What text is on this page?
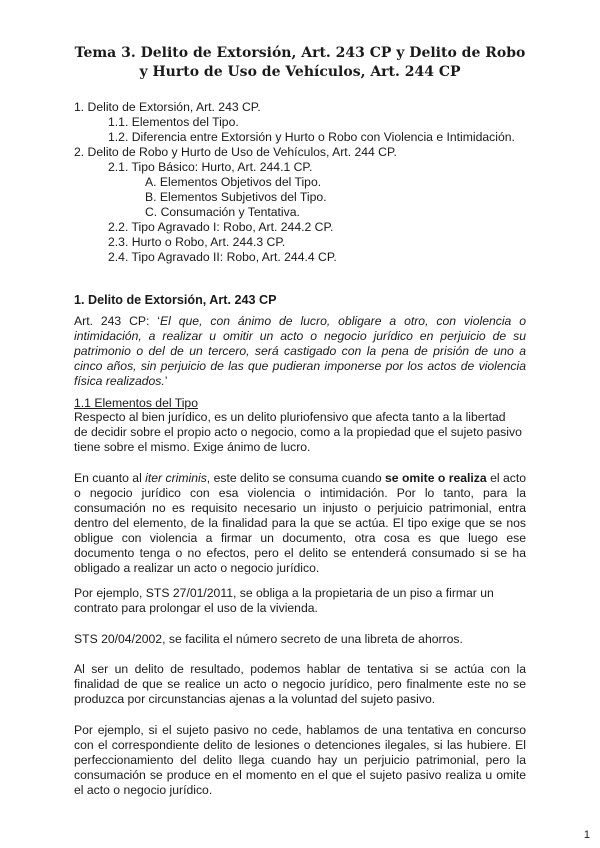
Tema 3. Delito de Extorsión, Art. 243 CP y Delito de Robo y Hurto de Uso de Vehículos, Art. 244 CP
1. Delito de Extorsión, Art. 243 CP.
1.1. Elementos del Tipo.
1.2. Diferencia entre Extorsión y Hurto o Robo con Violencia e Intimidación.
2. Delito de Robo y Hurto de Uso de Vehículos, Art. 244 CP.
2.1. Tipo Básico: Hurto, Art. 244.1 CP.
A. Elementos Objetivos del Tipo.
B. Elementos Subjetivos del Tipo.
C. Consumación y Tentativa.
2.2. Tipo Agravado I: Robo, Art. 244.2 CP.
2.3. Hurto o Robo, Art. 244.3 CP.
2.4. Tipo Agravado II: Robo, Art. 244.4 CP.
1. Delito de Extorsión, Art. 243 CP

Art. 243 CP: ‘El que, con ánimo de lucro, obligare a otro, con violencia o intimidación, a realizar u omitir un acto o negocio jurídico en perjuicio de su patrimonio o del de un tercero, será castigado con la pena de prisión de uno a cinco años, sin perjuicio de las que pudieran imponerse por los actos de violencia física realizados.’

1.1 Elementos del Tipo

Respecto al bien jurídico, es un delito pluriofensivo que afecta tanto a la libertad
de decidir sobre el propio acto o negocio, como a la propiedad que el sujeto pasivo tiene sobre el mismo. Exige ánimo de lucro.

En cuanto al iter criminis, este delito se consuma cuando se omite o realiza el acto o negocio jurídico con esa violencia o intimidación. Por lo tanto, para la consumación no es requisito necesario un injusto o perjuicio patrimonial, entra dentro del elemento, de la finalidad para la que se actúa. El tipo exige que se nos obligue con violencia a firmar un documento, otra cosa es que luego ese documento tenga o no efectos, pero el delito se entenderá consumado si se ha obligado a realizar un acto o negocio jurídico.

Por ejemplo, STS 27/01/2011, se obliga a la propietaria de un piso a firmar un contrato para prolongar el uso de la vivienda.

STS 20/04/2002, se facilita el número secreto de una libreta de ahorros.

Al ser un delito de resultado, podemos hablar de tentativa si se actúa con la finalidad de que se realice un acto o negocio jurídico, pero finalmente este no se produzca por circunstancias ajenas a la voluntad del sujeto pasivo.

Por ejemplo, si el sujeto pasivo no cede, hablamos de una tentativa en concurso con el correspondiente delito de lesiones o detenciones ilegales, si las hubiere. El perfeccionamiento del delito llega cuando hay un perjuicio patrimonial, pero la consumación se produce en el momento en el que el sujeto pasivo realiza u omite el acto o negocio jurídico.

1
